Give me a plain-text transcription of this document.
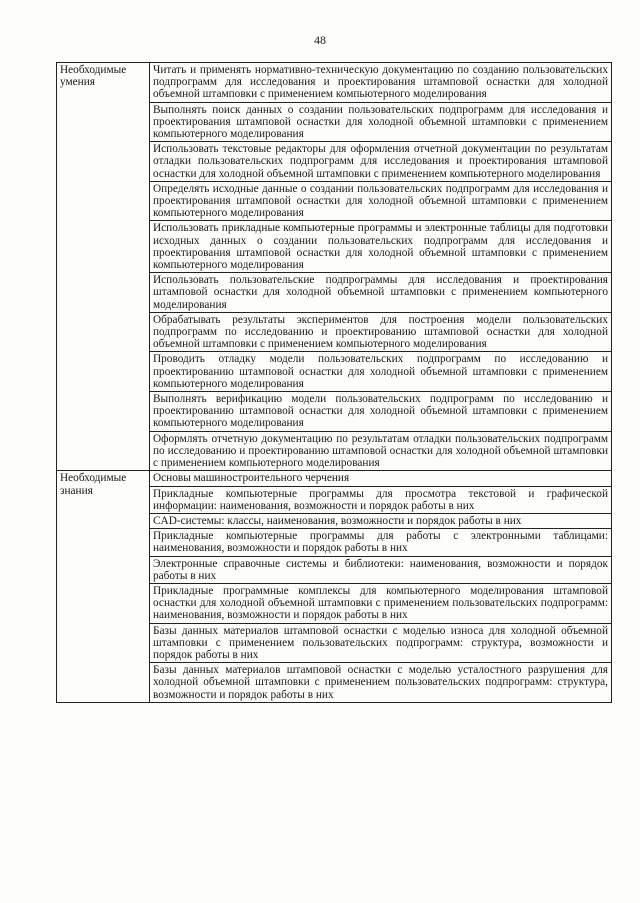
48
Необходимые умения	Читать и применять нормативно-техническую документацию по созданию пользовательских подпрограмм для исследования и проектирования штамповой оснастки для холодной объемной штамповки с применением компьютерного моделирования
	Выполнять поиск данных о создании пользовательских подпрограмм для исследования и проектирования штамповой оснастки для холодной объемной штамповки с применением компьютерного моделирования
	Использовать текстовые редакторы для оформления отчетной документации по результатам отладки пользовательских подпрограмм для исследования и проектирования штамповой оснастки для холодной объемной штамповки с применением компьютерного моделирования
	Определять исходные данные о создании пользовательских подпрограмм для исследования и проектирования штамповой оснастки для холодной объемной штамповки с применением компьютерного моделирования
	Использовать прикладные компьютерные программы и электронные таблицы для подготовки исходных данных о создании пользовательских подпрограмм для исследования и проектирования штамповой оснастки для холодной объемной штамповки с применением компьютерного моделирования
	Использовать пользовательские подпрограммы для исследования и проектирования штамповой оснастки для холодной объемной штамповки с применением компьютерного моделирования
	Обрабатывать результаты экспериментов для построения модели пользовательских подпрограмм по исследованию и проектированию штамповой оснастки для холодной объемной штамповки с применением компьютерного моделирования
	Проводить отладку модели пользовательских подпрограмм по исследованию и проектированию штамповой оснастки для холодной объемной штамповки с применением компьютерного моделирования
	Выполнять верификацию модели пользовательских подпрограмм по исследованию и проектированию штамповой оснастки для холодной объемной штамповки с применением компьютерного моделирования
	Оформлять отчетную документацию по результатам отладки пользовательских подпрограмм по исследованию и проектированию штамповой оснастки для холодной объемной штамповки с применением компьютерного моделирования
Необходимые знания	Основы машиностроительного черчения
	Прикладные компьютерные программы для просмотра текстовой и графической информации: наименования, возможности и порядок работы в них
	CAD-системы: классы, наименования, возможности и порядок работы в них
	Прикладные компьютерные программы для работы с электронными таблицами: наименования, возможности и порядок работы в них
	Электронные справочные системы и библиотеки: наименования, возможности и порядок работы в них
	Прикладные программные комплексы для компьютерного моделирования штамповой оснастки для холодной объемной штамповки с применением пользовательских подпрограмм: наименования, возможности и порядок работы в них
	Базы данных материалов штамповой оснастки с моделью износа для холодной объемной штамповки с применением пользовательских подпрограмм: структура, возможности и порядок работы в них
	Базы данных материалов штамповой оснастки с моделью усталостного разрушения для холодной объемной штамповки с применением пользовательских подпрограмм: структура, возможности и порядок работы в них
